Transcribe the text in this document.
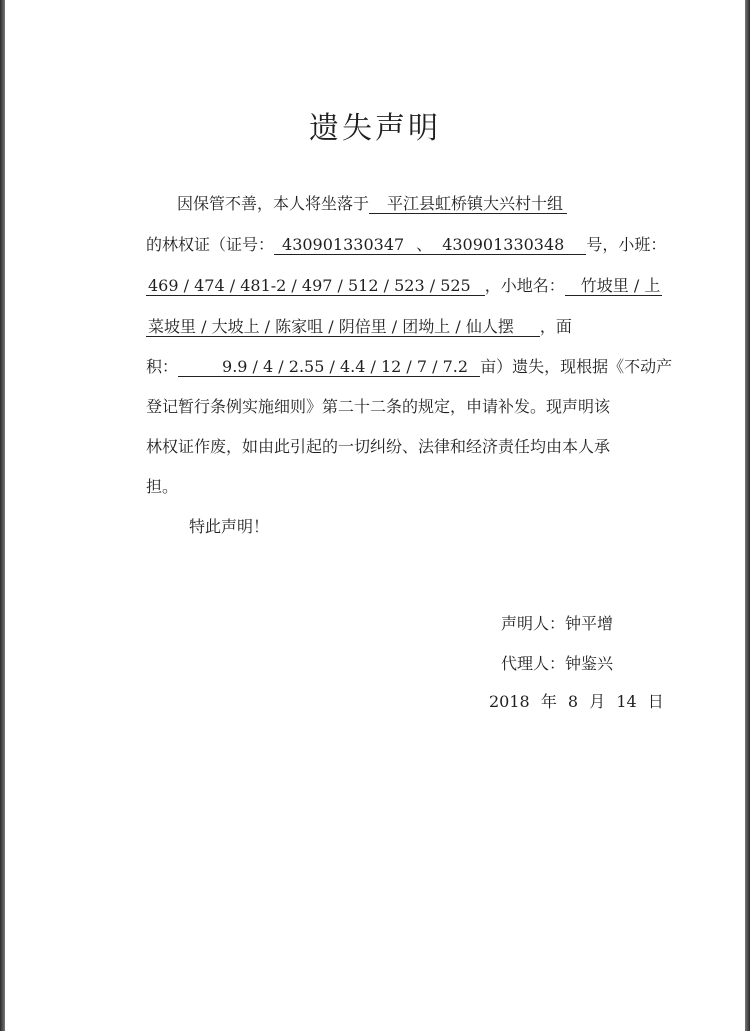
遗失声明
因保管不善，本人将坐落于 平江县虹桥镇大兴村十组
的林权证（证号： 430901330347 、 430901330348 号，小班：
469 / 474 / 481-2 / 497 / 512 / 523 / 525 ，小地名： 竹坡里 / 上
菜坡里 / 大坡上 / 陈家咀 / 阴倍里 / 团坳上 / 仙人摆 ，面
积：	9.9 / 4 / 2.55 / 4.4 / 12 / 7 / 7.2 亩）遗失，现根据《不动产
登记暂行条例实施细则》第二十二条的规定，申请补发。现声明该
林权证作废，如由此引起的一切纠纷、法律和经济责任均由本人承
担。
特此声明！
声明人：钟平增
代理人：钟鉴兴
2018 年 8 月 14 日
